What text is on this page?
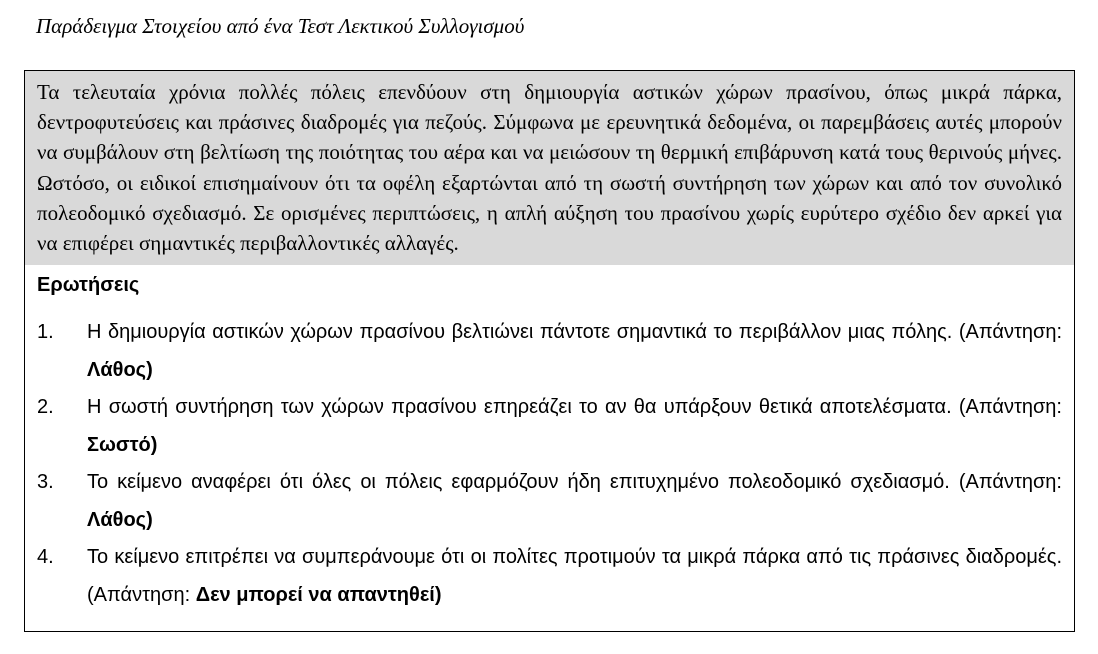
Παράδειγμα Στοιχείου από ένα Τεστ Λεκτικού Συλλογισμού
Τα τελευταία χρόνια πολλές πόλεις επενδύουν στη δημιουργία αστικών χώρων πρασίνου, όπως μικρά πάρκα, δεντροφυτεύσεις και πράσινες διαδρομές για πεζούς. Σύμφωνα με ερευνητικά δεδομένα, οι παρεμβάσεις αυτές μπορούν να συμβάλουν στη βελτίωση της ποιότητας του αέρα και να μειώσουν τη θερμική επιβάρυνση κατά τους θερινούς μήνες. Ωστόσο, οι ειδικοί επισημαίνουν ότι τα οφέλη εξαρτώνται από τη σωστή συντήρηση των χώρων και από τον συνολικό πολεοδομικό σχεδιασμό. Σε ορισμένες περιπτώσεις, η απλή αύξηση του πρασίνου χωρίς ευρύτερο σχέδιο δεν αρκεί για να επιφέρει σημαντικές περιβαλλοντικές αλλαγές.
Ερωτήσεις
1. Η δημιουργία αστικών χώρων πρασίνου βελτιώνει πάντοτε σημαντικά το περιβάλλον μιας πόλης. (Απάντηση: Λάθος)
2. Η σωστή συντήρηση των χώρων πρασίνου επηρεάζει το αν θα υπάρξουν θετικά αποτελέσματα. (Απάντηση: Σωστό)
3. Το κείμενο αναφέρει ότι όλες οι πόλεις εφαρμόζουν ήδη επιτυχημένο πολεοδομικό σχεδιασμό. (Απάντηση: Λάθος)
4. Το κείμενο επιτρέπει να συμπεράνουμε ότι οι πολίτες προτιμούν τα μικρά πάρκα από τις πράσινες διαδρομές. (Απάντηση: Δεν μπορεί να απαντηθεί)
